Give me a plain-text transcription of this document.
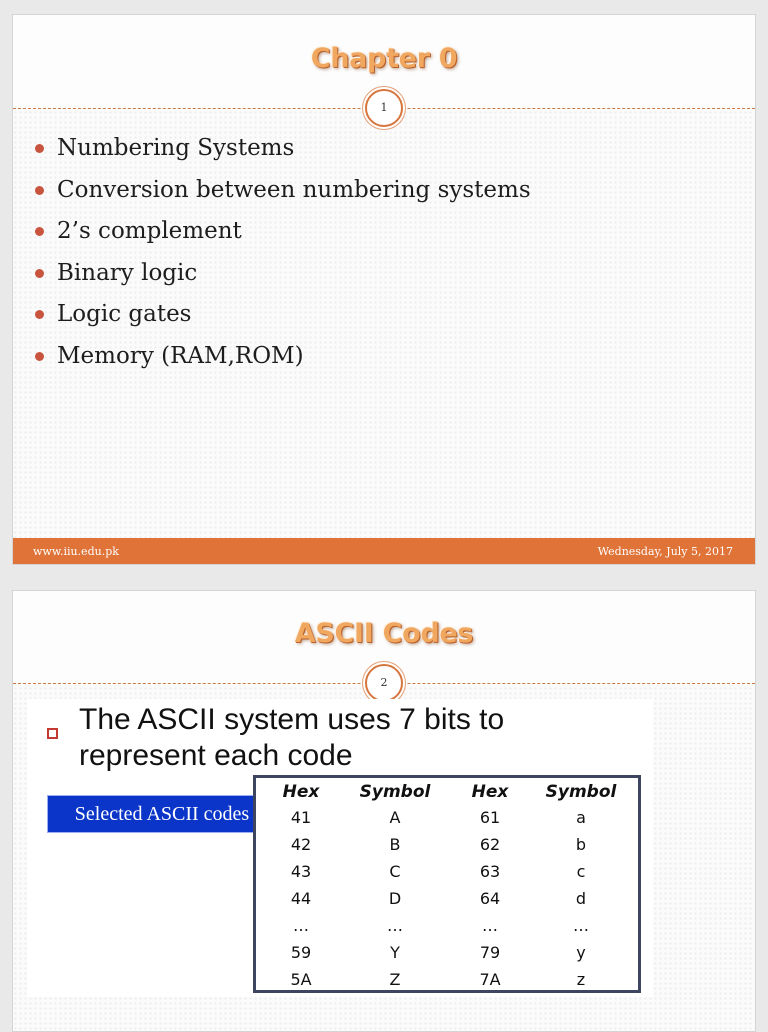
Chapter 0
1
Numbering Systems
Conversion between numbering systems
2’s complement
Binary logic
Logic gates
Memory (RAM,ROM)
www.iiu.edu.pk	Wednesday, July 5, 2017
ASCII Codes
2
The ASCII system uses 7 bits to
represent each code
Selected ASCII codes
Hex	Symbol	Hex	Symbol
41	A	61	a
42	B	62	b
43	C	63	c
44	D	64	d
…	…	…	…
59	Y	79	y
5A	Z	7A	z
